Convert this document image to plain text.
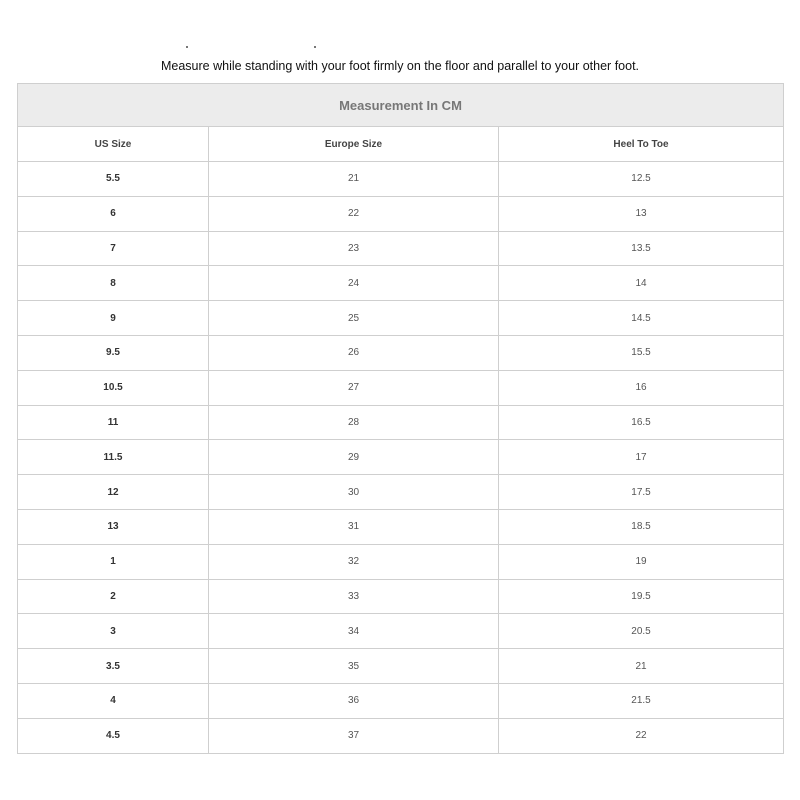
Measure while standing with your foot firmly on the floor and parallel to your other foot.
Measurement In CM		
US Size	Europe Size	Heel To Toe
5.5	21	12.5
6	22	13
7	23	13.5
8	24	14
9	25	14.5
9.5	26	15.5
10.5	27	16
11	28	16.5
11.5	29	17
12	30	17.5
13	31	18.5
1	32	19
2	33	19.5
3	34	20.5
3.5	35	21
4	36	21.5
4.5	37	22
